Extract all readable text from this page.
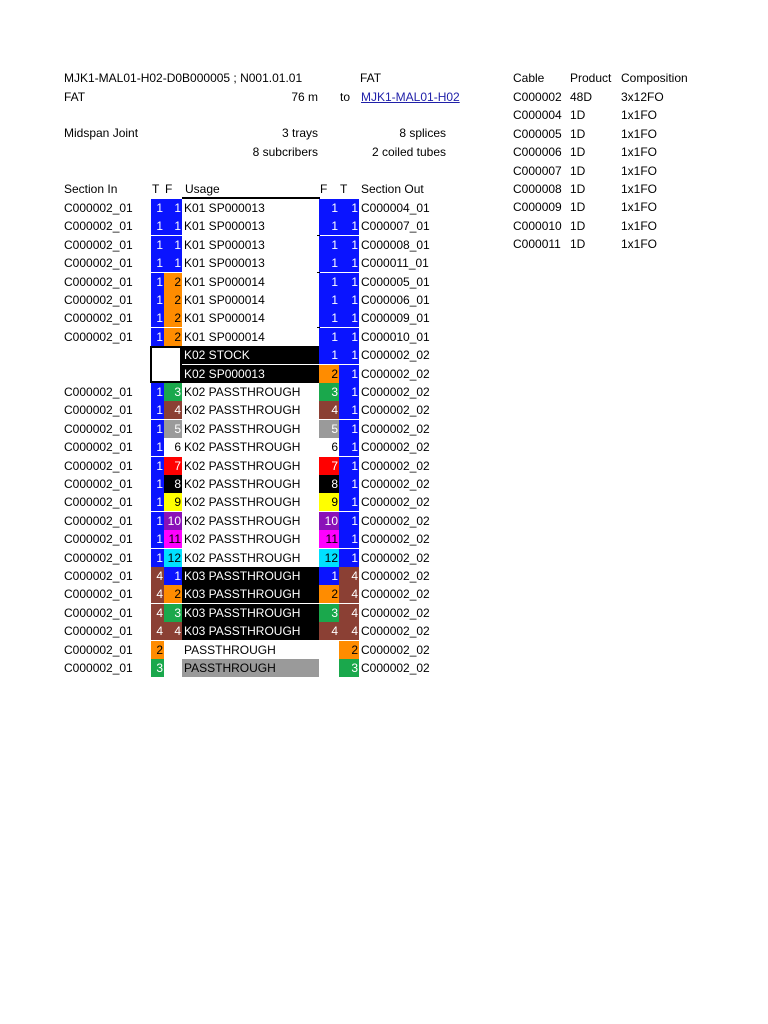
MJK1-MAL01-H02-D0B000005 ; N001.01.01	FAT
FAT	76 m to MJK1-MAL01-H02
Midspan Joint	3 trays	8 splices
8 subcribers	2 coiled tubes
Section In	T F Usage	F T Section Out
C000002_01	1 1 K01 SP000013	1	1 C000004_01
C000002_01	1 1 K01 SP000013	1	1 C000007_01
C000002_01	1 1 K01 SP000013	1	1 C000008_01
C000002_01	1 1 K01 SP000013	1	1 C000011_01
C000002_01	1 2 K01 SP000014	1	1 C000005_01
C000002_01	1 2 K01 SP000014	1	1 C000006_01
C000002_01	1 2 K01 SP000014	1	1 C000009_01
C000002_01	1 2 K01 SP000014	1	1 C000010_01
K02 STOCK	1	1 C000002_02
K02 SP000013	2	1 C000002_02
C000002_01	1 3 K02 PASSTHROUGH	3	1 C000002_02
C000002_01	1 4 K02 PASSTHROUGH	4	1 C000002_02
C000002_01	1 5 K02 PASSTHROUGH	5	1 C000002_02
C000002_01	1 6 K02 PASSTHROUGH	6	1 C000002_02
C000002_01	1 7 K02 PASSTHROUGH	7	1 C000002_02
C000002_01	1 8 K02 PASSTHROUGH	8	1 C000002_02
C000002_01	1 9 K02 PASSTHROUGH	9	1 C000002_02
C000002_01	1 10 K02 PASSTHROUGH	10	1 C000002_02
C000002_01	1 11 K02 PASSTHROUGH	11	1 C000002_02
C000002_01	1 12 K02 PASSTHROUGH	12	1 C000002_02
C000002_01	4 1 K03 PASSTHROUGH	1	4 C000002_02
C000002_01	4 2 K03 PASSTHROUGH	2	4 C000002_02
C000002_01	4 3 K03 PASSTHROUGH	3	4 C000002_02
C000002_01	4 4 K03 PASSTHROUGH	4	4 C000002_02
C000002_01	2 PASSTHROUGH	2 C000002_02
C000002_01	3 PASSTHROUGH	3 C000002_02
Cable Product Composition
C000002 48D 3x12FO
C000004 1D	1x1FO
C000005 1D	1x1FO
C000006 1D	1x1FO
C000007 1D	1x1FO
C000008 1D	1x1FO
C000009 1D	1x1FO
C000010 1D	1x1FO
C000011 1D	1x1FO
